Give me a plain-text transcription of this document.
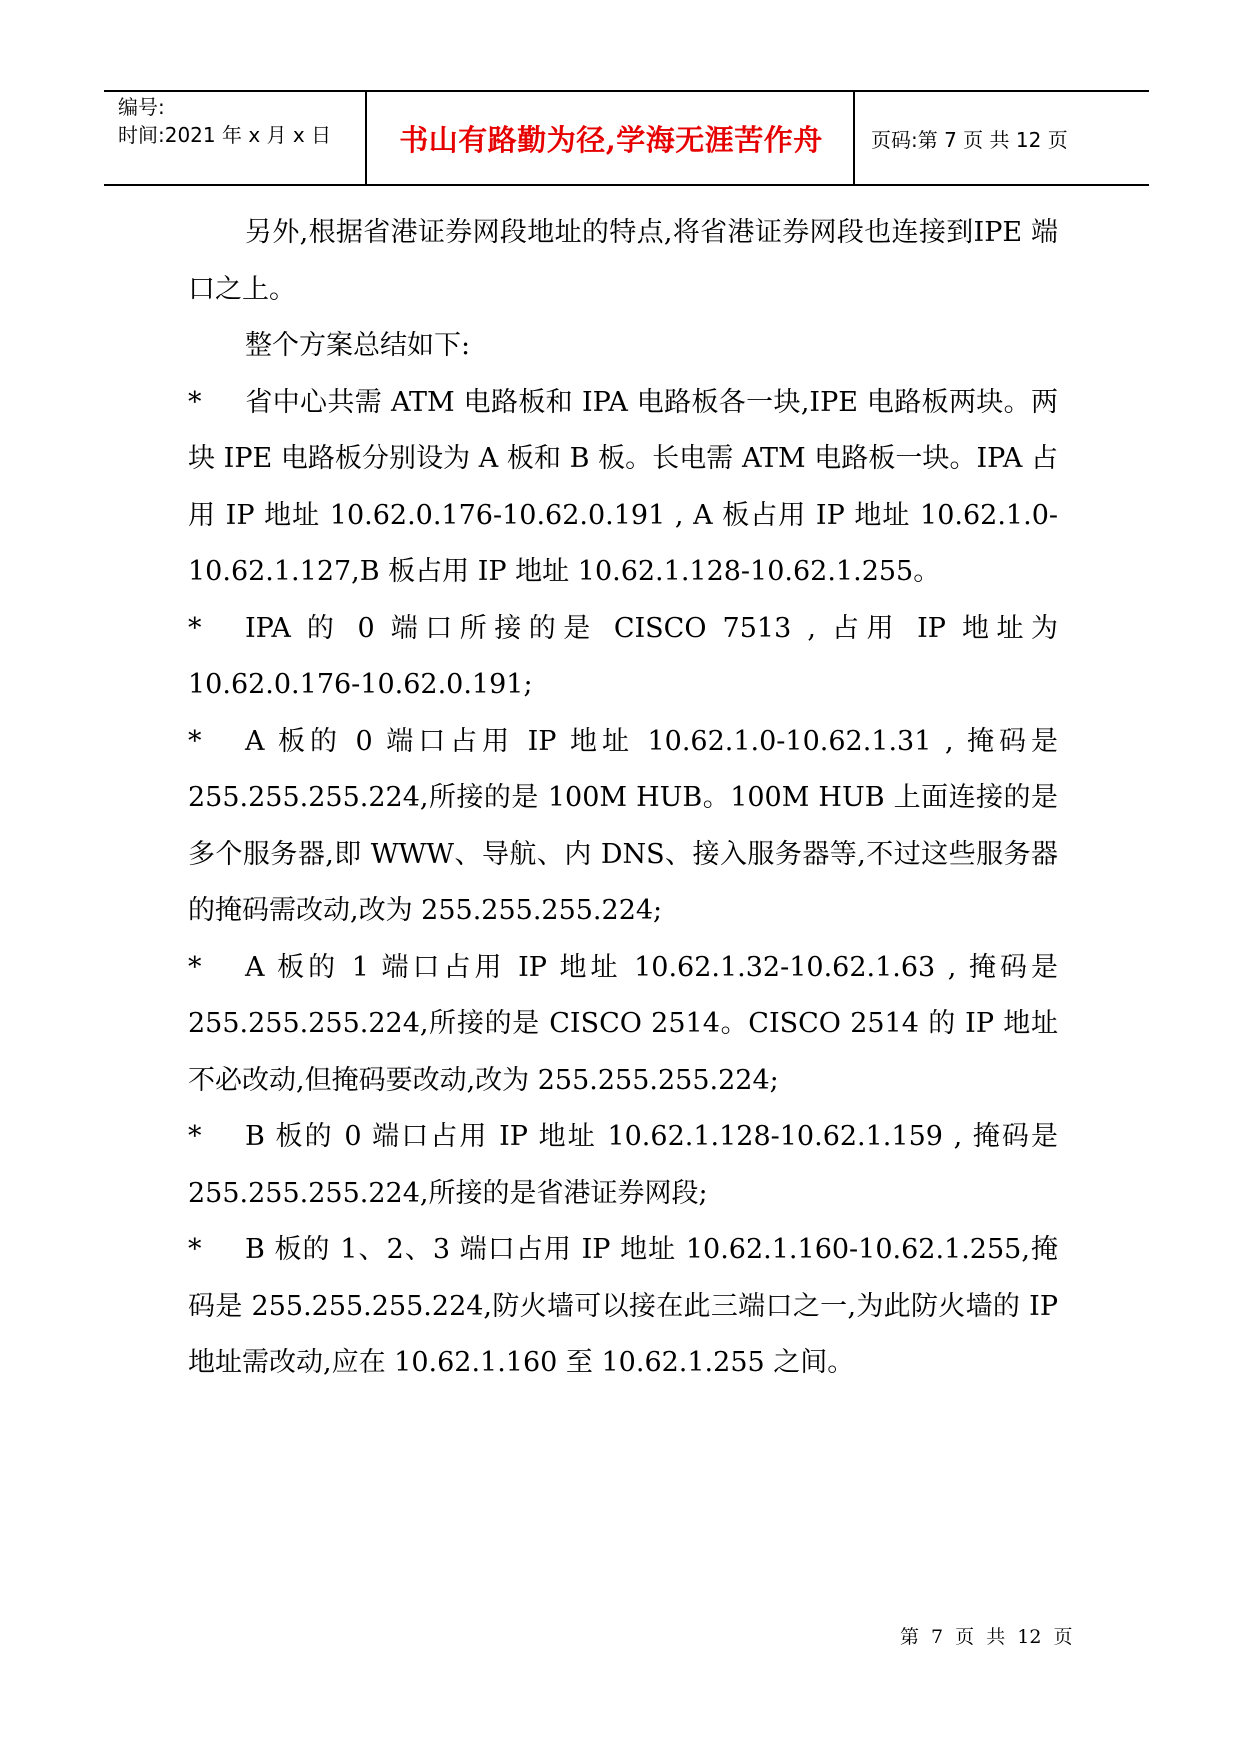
编号:
时间:2021 年 x 月 x 日	书山有路勤为径,学海无涯苦作舟	页码:第 7 页 共 12 页

另外,根据省港证券网段地址的特点,将省港证券网段也连接到IPE 端口之上。

整个方案总结如下:

* 省中心共需 ATM 电路板和 IPA 电路板各一块,IPE 电路板两块。两块 IPE 电路板分别设为 A 板和 B 板。长电需 ATM 电路板一块。IPA 占用 IP 地址 10.62.0.176-10.62.0.191 , A 板占用 IP 地址 10.62.1.0-10.62.1.127,B 板占用 IP 地址 10.62.1.128-10.62.1.255。

* IPA 的 0 端口所接的是 CISCO 7513 , 占用 IP 地址为 10.62.0.176-10.62.0.191;

* A 板的 0 端口占用 IP 地址 10.62.1.0-10.62.1.31 , 掩码是 255.255.255.224,所接的是 100M HUB。100M HUB 上面连接的是多个服务器,即 WWW、导航、内 DNS、接入服务器等,不过这些服务器的掩码需改动,改为 255.255.255.224;

* A 板的 1 端口占用 IP 地址 10.62.1.32-10.62.1.63 , 掩码是 255.255.255.224,所接的是 CISCO 2514。CISCO 2514 的 IP 地址不必改动,但掩码要改动,改为 255.255.255.224;

* B 板的 0 端口占用 IP 地址 10.62.1.128-10.62.1.159 , 掩码是 255.255.255.224,所接的是省港证券网段;

* B 板的 1、2、3 端口占用 IP 地址 10.62.1.160-10.62.1.255,掩码是 255.255.255.224,防火墙可以接在此三端口之一,为此防火墙的 IP 地址需改动,应在 10.62.1.160 至 10.62.1.255 之间。

第 7 页 共 12 页
